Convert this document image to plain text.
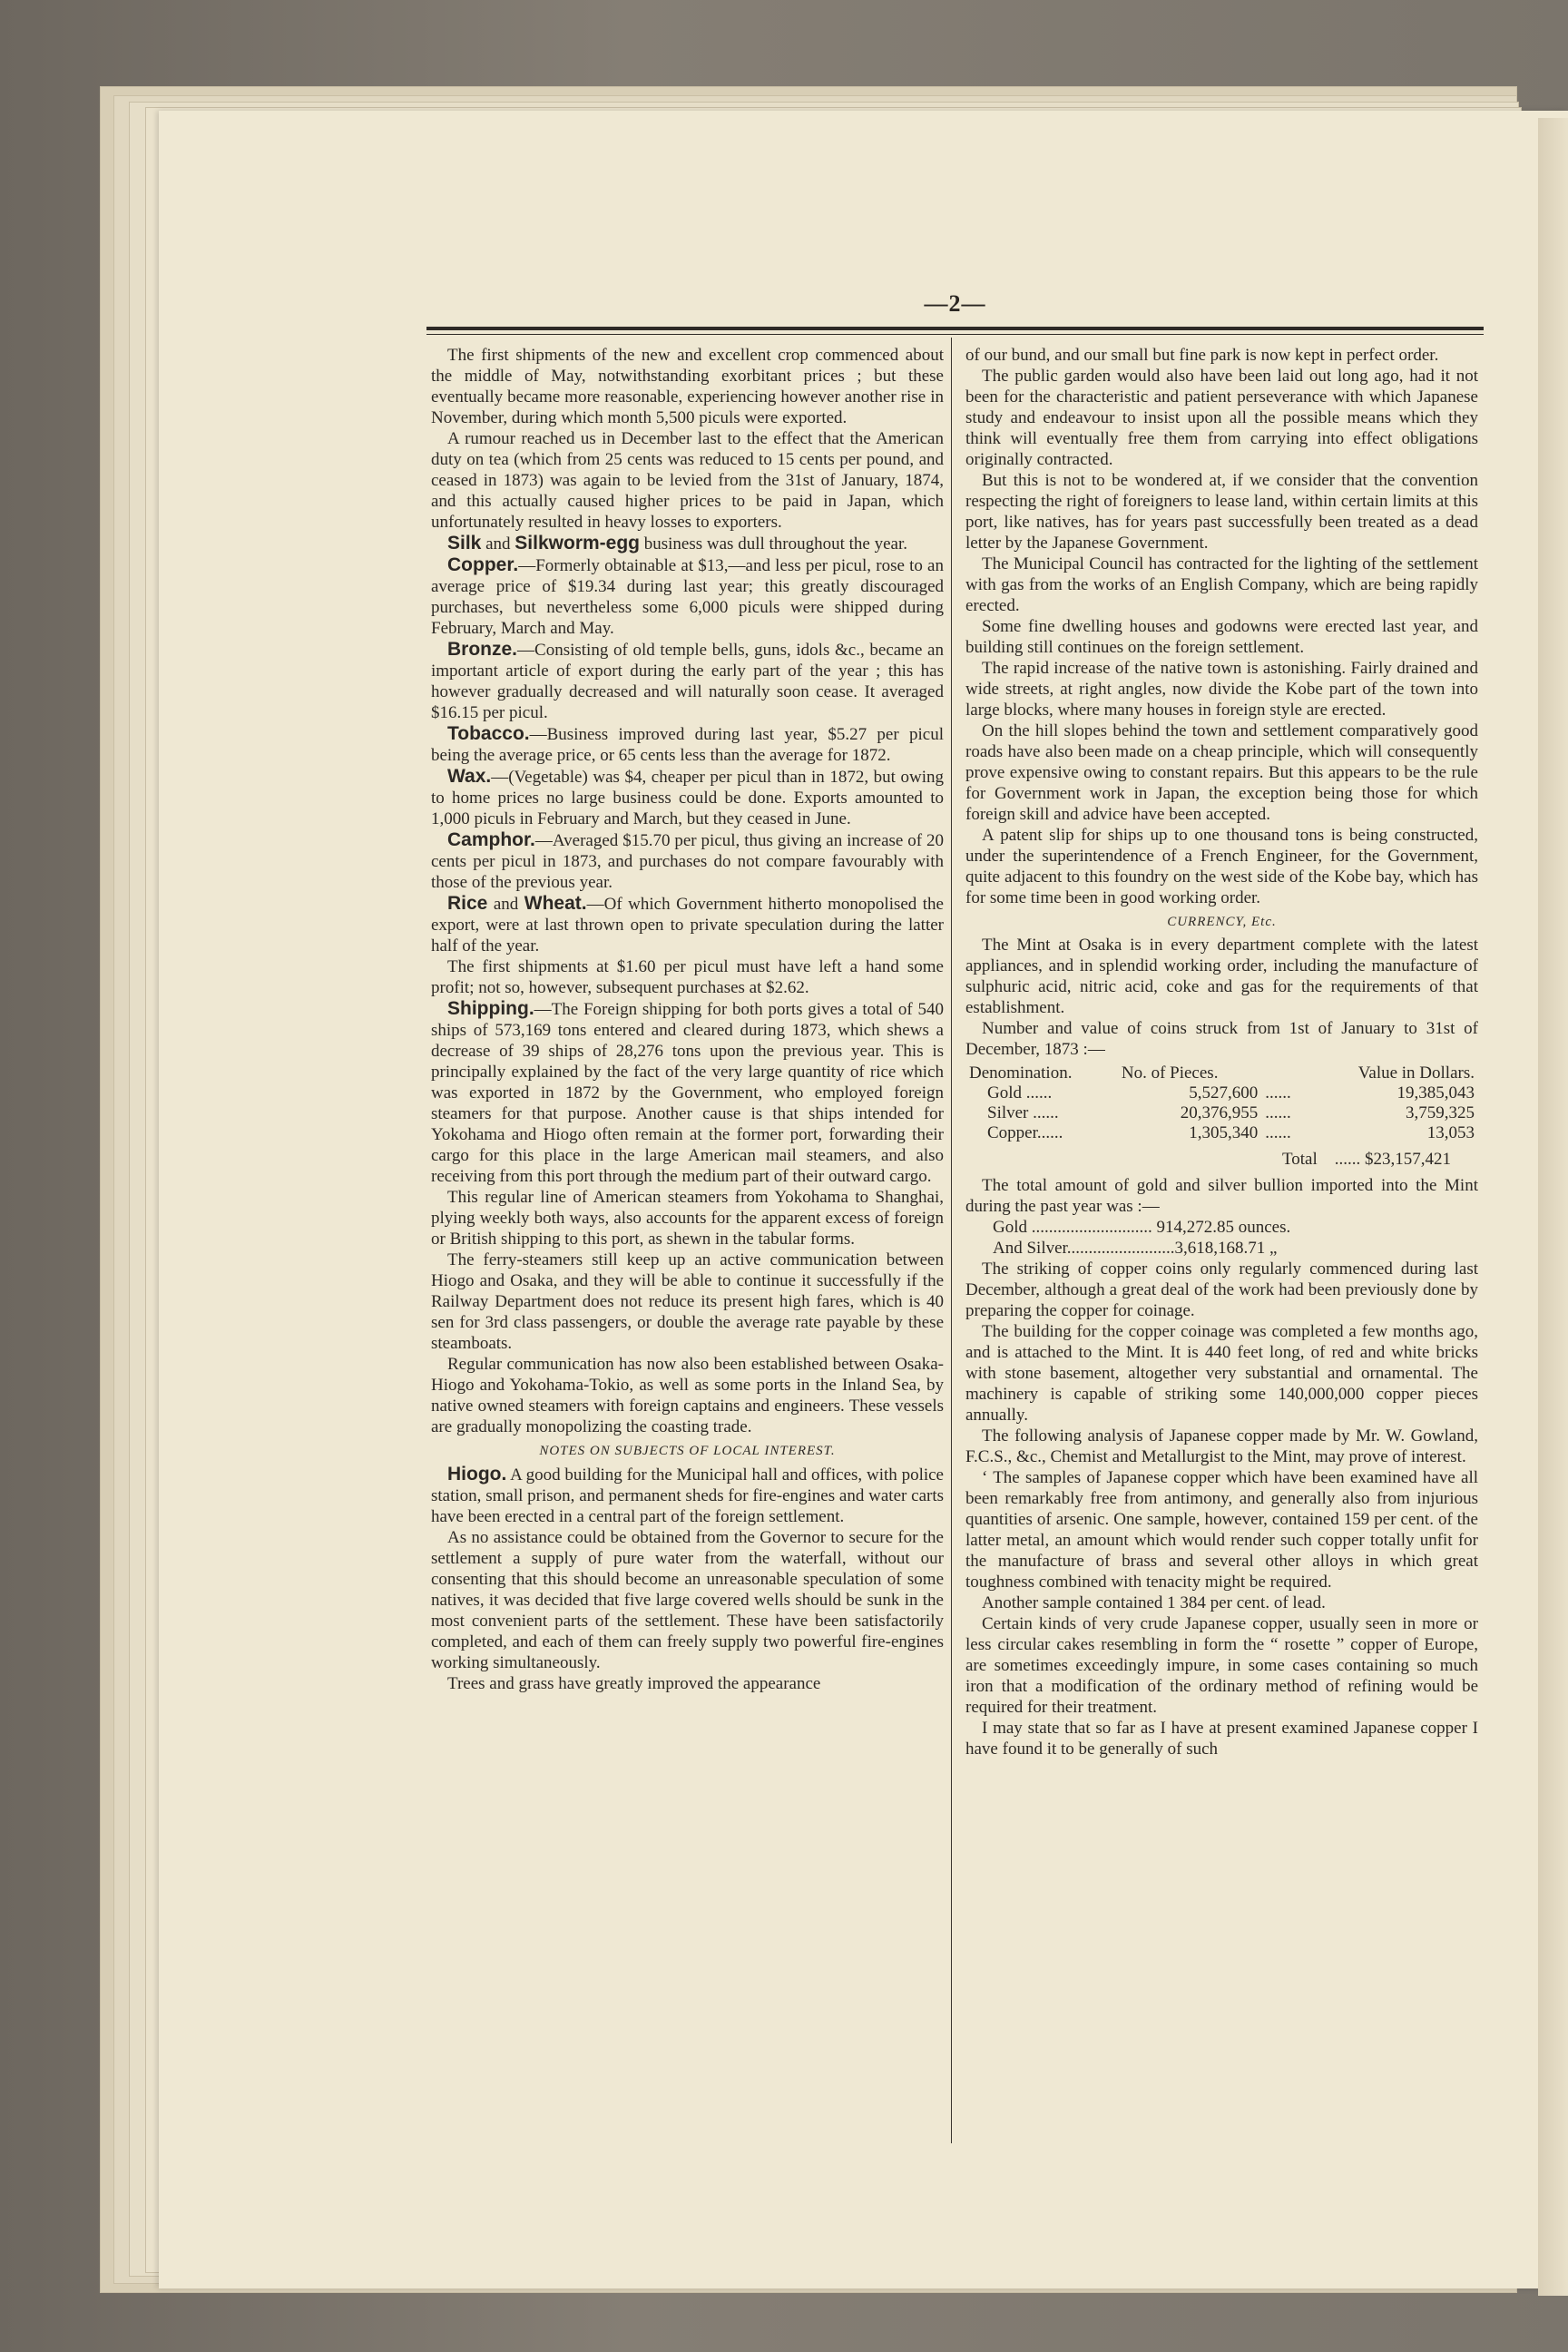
—2—

The first shipments of the new and excellent crop commenced about the middle of May, notwithstanding exorbitant prices ; but these eventually became more reasonable, experiencing however another rise in November, during which month 5,500 piculs were exported.

A rumour reached us in December last to the effect that the American duty on tea (which from 25 cents was reduced to 15 cents per pound, and ceased in 1873) was again to be levied from the 31st of January, 1874, and this actually caused higher prices to be paid in Japan, which unfortunately resulted in heavy losses to exporters.

Silk and Silkworm-egg business was dull throughout the year.

Copper.—Formerly obtainable at $13,—and less per picul, rose to an average price of $19.34 during last year; this greatly discouraged purchases, but nevertheless some 6,000 piculs were shipped during February, March and May.

Bronze.—Consisting of old temple bells, guns, idols &c., became an important article of export during the early part of the year ; this has however gradually decreased and will naturally soon cease. It averaged $16.15 per picul.

Tobacco.—Business improved during last year, $5.27 per picul being the average price, or 65 cents less than the average for 1872.

Wax.—(Vegetable) was $4, cheaper per picul than in 1872, but owing to home prices no large business could be done. Exports amounted to 1,000 piculs in February and March, but they ceased in June.

Camphor.—Averaged $15.70 per picul, thus giving an increase of 20 cents per picul in 1873, and purchases do not compare favourably with those of the previous year.

Rice and Wheat.—Of which Government hitherto monopolised the export, were at last thrown open to private speculation during the latter half of the year.

The first shipments at $1.60 per picul must have left a hand some profit; not so, however, subsequent purchases at $2.62.

Shipping.—The Foreign shipping for both ports gives a total of 540 ships of 573,169 tons entered and cleared during 1873, which shews a decrease of 39 ships of 28,276 tons upon the previous year. This is principally explained by the fact of the very large quantity of rice which was exported in 1872 by the Government, who employed foreign steamers for that purpose. Another cause is that ships intended for Yokohama and Hiogo often remain at the former port, forwarding their cargo for this place in the large American mail steamers, and also receiving from this port through the medium part of their outward cargo.

This regular line of American steamers from Yokohama to Shanghai, plying weekly both ways, also accounts for the apparent excess of foreign or British shipping to this port, as shewn in the tabular forms.

The ferry-steamers still keep up an active communication between Hiogo and Osaka, and they will be able to continue it successfully if the Railway Department does not reduce its present high fares, which is 40 sen for 3rd class passengers, or double the average rate payable by these steamboats.

Regular communication has now also been established between Osaka-Hiogo and Yokohama-Tokio, as well as some ports in the Inland Sea, by native owned steamers with foreign captains and engineers. These vessels are gradually monopolizing the coasting trade.

NOTES ON SUBJECTS OF LOCAL INTEREST.

Hiogo. A good building for the Municipal hall and offices, with police station, small prison, and permanent sheds for fire-engines and water carts have been erected in a central part of the foreign settlement.

As no assistance could be obtained from the Governor to secure for the settlement a supply of pure water from the waterfall, without our consenting that this should become an unreasonable speculation of some natives, it was decided that five large covered wells should be sunk in the most convenient parts of the settlement. These have been satisfactorily completed, and each of them can freely supply two powerful fire-engines working simultaneously.

Trees and grass have greatly improved the appearance

of our bund, and our small but fine park is now kept in perfect order.

The public garden would also have been laid out long ago, had it not been for the characteristic and patient perseverance with which Japanese study and endeavour to insist upon all the possible means which they think will eventually free them from carrying into effect obligations originally contracted.

But this is not to be wondered at, if we consider that the convention respecting the right of foreigners to lease land, within certain limits at this port, like natives, has for years past successfully been treated as a dead letter by the Japanese Government.

The Municipal Council has contracted for the lighting of the settlement with gas from the works of an English Company, which are being rapidly erected.

Some fine dwelling houses and godowns were erected last year, and building still continues on the foreign settlement.

The rapid increase of the native town is astonishing. Fairly drained and wide streets, at right angles, now divide the Kobe part of the town into large blocks, where many houses in foreign style are erected.

On the hill slopes behind the town and settlement comparatively good roads have also been made on a cheap principle, which will consequently prove expensive owing to constant repairs. But this appears to be the rule for Government work in Japan, the exception being those for which foreign skill and advice have been accepted.

A patent slip for ships up to one thousand tons is being constructed, under the superintendence of a French Engineer, for the Government, quite adjacent to this foundry on the west side of the Kobe bay, which has for some time been in good working order.

CURRENCY, Etc.

The Mint at Osaka is in every department complete with the latest appliances, and in splendid working order, including the manufacture of sulphuric acid, nitric acid, coke and gas for the requirements of that establishment.

Number and value of coins struck from 1st of January to 31st of December, 1873 :—

Denomination.	No. of Pieces.		Value in Dollars.
Gold ......	5,527,600	......	19,385,043
Silver ......	20,376,955	......	3,759,325
Copper......	1,305,340	......	13,053

Total ...... $23,157,421

The total amount of gold and silver bullion imported into the Mint during the past year was :—

Gold ............................ 914,272.85 ounces.

And Silver.........................3,618,168.71 „

The striking of copper coins only regularly commenced during last December, although a great deal of the work had been previously done by preparing the copper for coinage.

The building for the copper coinage was completed a few months ago, and is attached to the Mint. It is 440 feet long, of red and white bricks with stone basement, altogether very substantial and ornamental. The machinery is capable of striking some 140,000,000 copper pieces annually.

The following analysis of Japanese copper made by Mr. W. Gowland, F.C.S., &c., Chemist and Metallurgist to the Mint, may prove of interest.

‘ The samples of Japanese copper which have been examined have all been remarkably free from antimony, and generally also from injurious quantities of arsenic. One sample, however, contained 159 per cent. of the latter metal, an amount which would render such copper totally unfit for the manufacture of brass and several other alloys in which great toughness combined with tenacity might be required.

Another sample contained 1 384 per cent. of lead.

Certain kinds of very crude Japanese copper, usually seen in more or less circular cakes resembling in form the “ rosette ” copper of Europe, are sometimes exceedingly impure, in some cases containing so much iron that a modification of the ordinary method of refining would be required for their treatment.

I may state that so far as I have at present examined Japanese copper I have found it to be generally of such
